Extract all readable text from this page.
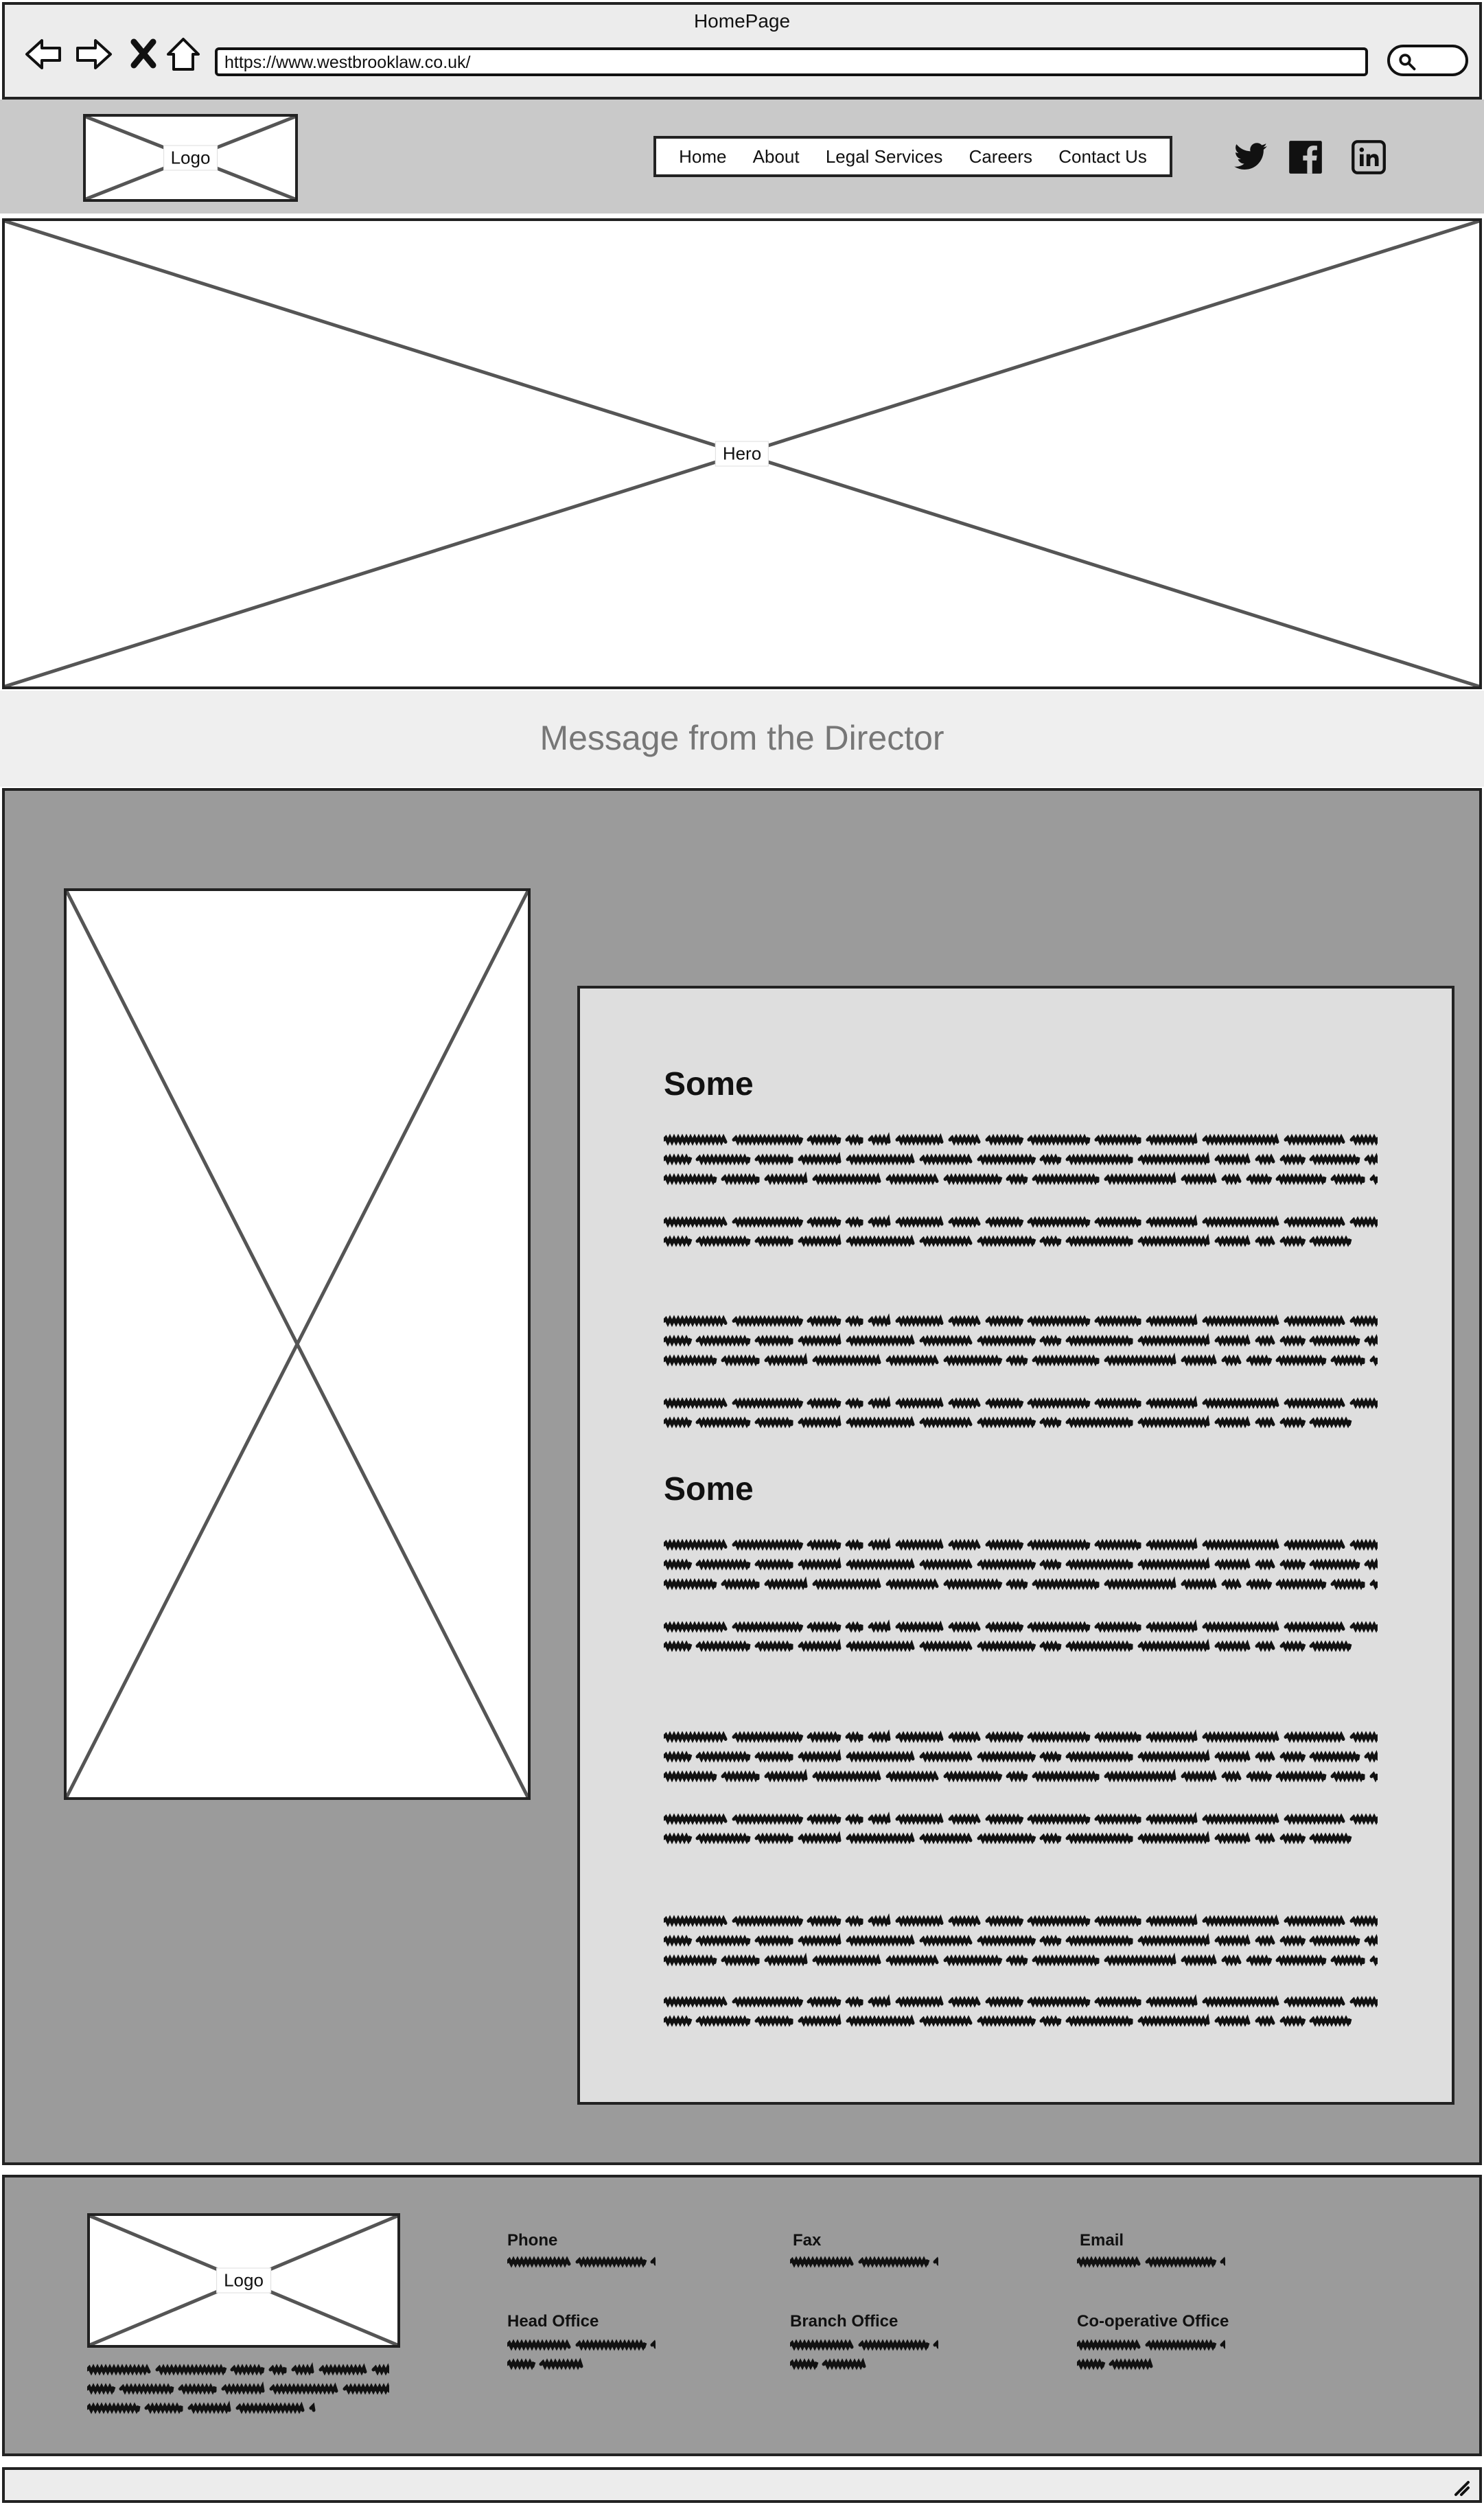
HomePage
https://www.westbrooklaw.co.uk/
Logo	Home About Legal Services Careers Contact Us
Hero
Message from the Director
Some
Some
Logo
Phone	Fax	Email
Head Office	Branch Office	Co-operative Office
